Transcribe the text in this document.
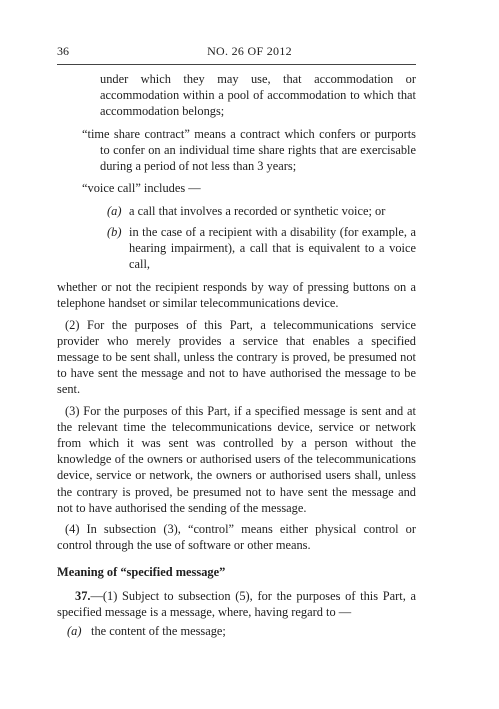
36	NO. 26 OF 2012

under which they may use, that accommodation or accommodation within a pool of accommodation to which that accommodation belongs;

“time share contract” means a contract which confers or purports to confer on an individual time share rights that are exercisable during a period of not less than 3 years;

“voice call” includes —

(a) a call that involves a recorded or synthetic voice; or
(b) in the case of a recipient with a disability (for example, a hearing impairment), a call that is equivalent to a voice call,

whether or not the recipient responds by way of pressing buttons on a telephone handset or similar telecommunications device.

(2) For the purposes of this Part, a telecommunications service provider who merely provides a service that enables a specified message to be sent shall, unless the contrary is proved, be presumed not to have sent the message and not to have authorised the message to be sent.

(3) For the purposes of this Part, if a specified message is sent and at the relevant time the telecommunications device, service or network from which it was sent was controlled by a person without the knowledge of the owners or authorised users of the telecommunications device, service or network, the owners or authorised users shall, unless the contrary is proved, be presumed not to have sent the message and not to have authorised the sending of the message.

(4) In subsection (3), “control” means either physical control or control through the use of software or other means.

Meaning of “specified message”

37.—(1) Subject to subsection (5), for the purposes of this Part, a specified message is a message, where, having regard to —

(a) the content of the message;
